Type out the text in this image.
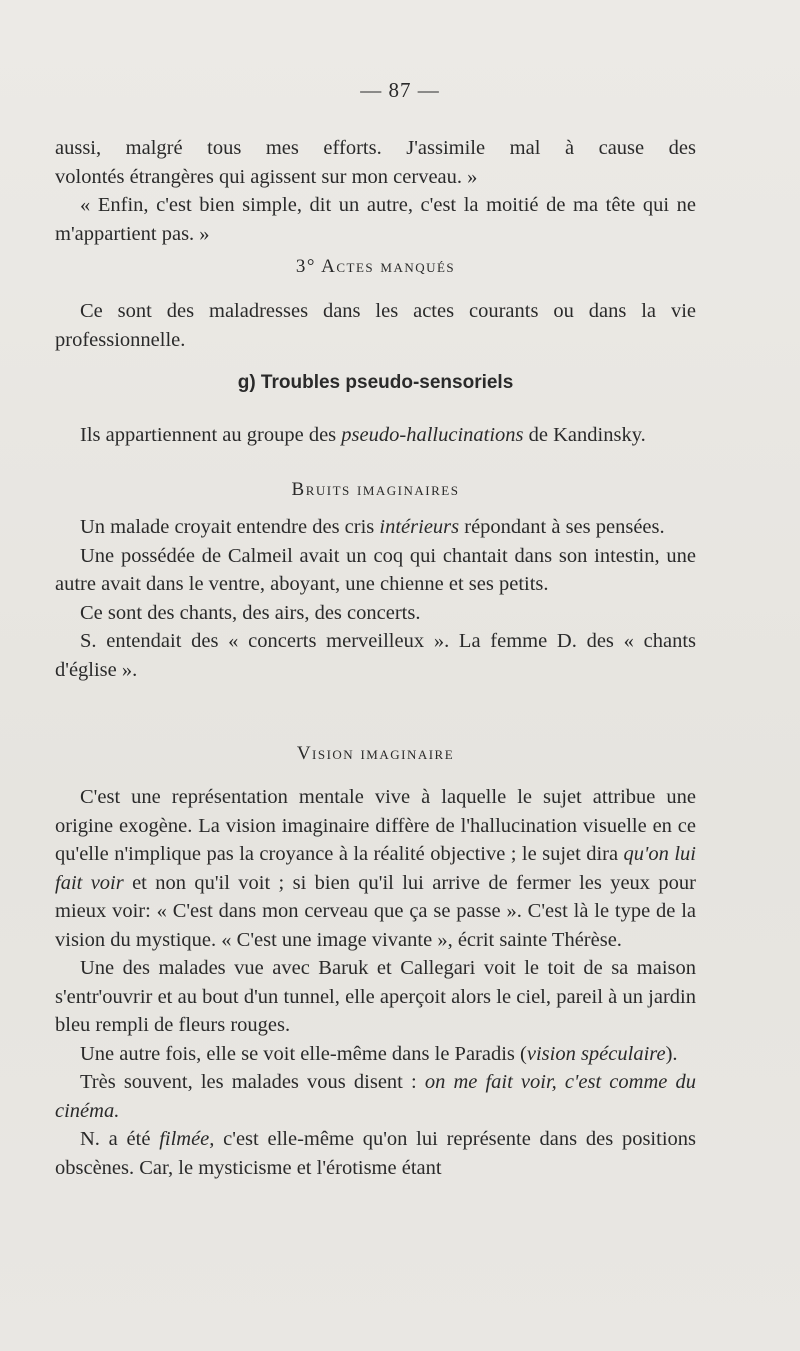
— 87 —

aussi, malgré tous mes efforts. J'assimile mal à cause des

volontés étrangères qui agissent sur mon cerveau. »

« Enfin, c'est bien simple, dit un autre, c'est la moitié de ma tête qui ne m'appartient pas. »

3° Actes manqués

Ce sont des maladresses dans les actes courants ou dans la vie professionnelle.

g) Troubles pseudo-sensoriels

Ils appartiennent au groupe des pseudo-hallucinations de Kandinsky.

Bruits imaginaires

Un malade croyait entendre des cris intérieurs répondant à ses pensées.

Une possédée de Calmeil avait un coq qui chantait dans son intestin, une autre avait dans le ventre, aboyant, une chienne et ses petits.

Ce sont des chants, des airs, des concerts.

S. entendait des « concerts merveilleux ». La femme D. des « chants d'église ».

Vision imaginaire

C'est une représentation mentale vive à laquelle le sujet attribue une origine exogène. La vision imaginaire diffère de l'hallucination visuelle en ce qu'elle n'implique pas la croyance à la réalité objective ; le sujet dira qu'on lui fait voir et non qu'il voit ; si bien qu'il lui arrive de fermer les yeux pour mieux voir: « C'est dans mon cerveau que ça se passe ». C'est là le type de la vision du mystique. « C'est une image vivante », écrit sainte Thérèse.

Une des malades vue avec Baruk et Callegari voit le toit de sa maison s'entr'ouvrir et au bout d'un tunnel, elle aperçoit alors le ciel, pareil à un jardin bleu rempli de fleurs rouges.

Une autre fois, elle se voit elle-même dans le Paradis (vision spéculaire).

Très souvent, les malades vous disent : on me fait voir, c'est comme du cinéma.

N. a été filmée, c'est elle-même qu'on lui représente dans des positions obscènes. Car, le mysticisme et l'érotisme étant
